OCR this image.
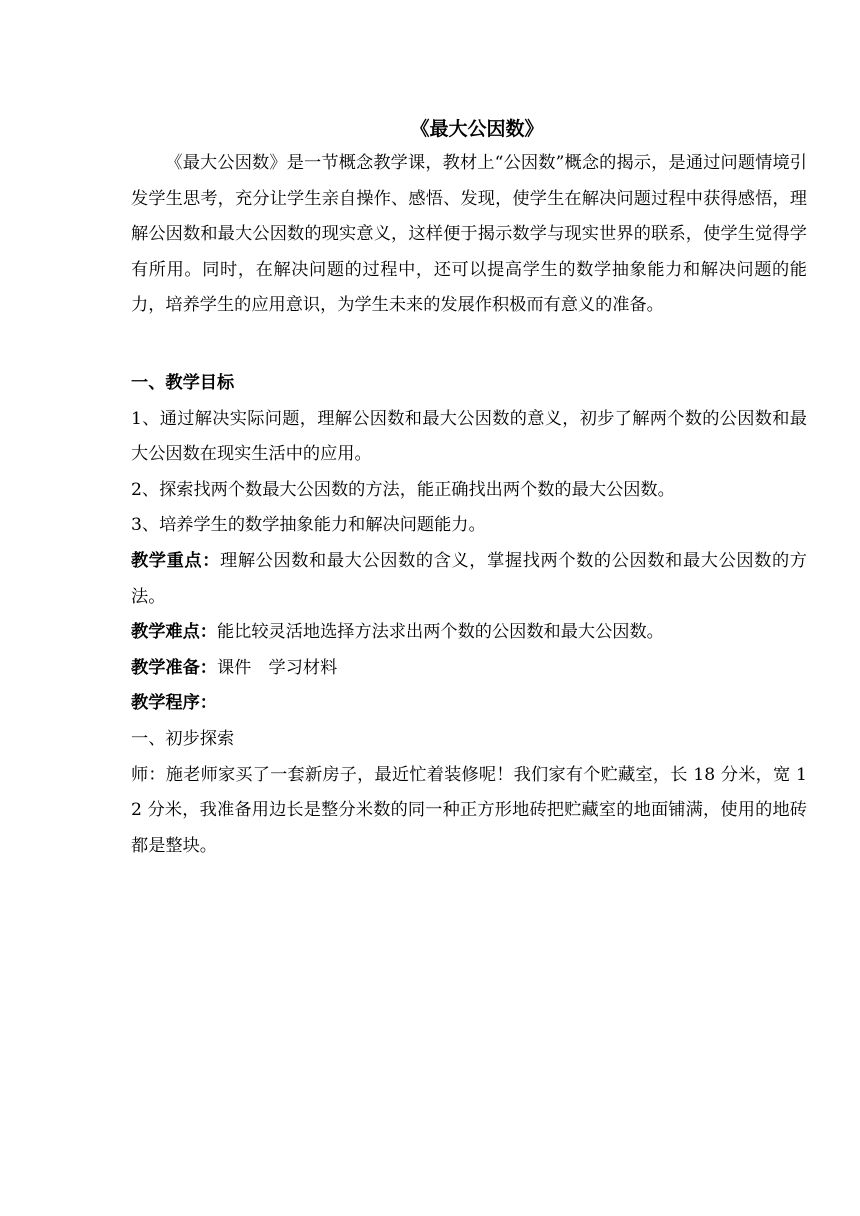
《最大公因数》

《最大公因数》是一节概念教学课，教材上“公因数”概念的揭示，是通过问题情境引发学生思考，充分让学生亲自操作、感悟、发现，使学生在解决问题过程中获得感悟，理解公因数和最大公因数的现实意义，这样便于揭示数学与现实世界的联系，使学生觉得学有所用。同时，在解决问题的过程中，还可以提高学生的数学抽象能力和解决问题的能力，培养学生的应用意识，为学生未来的发展作积极而有意义的准备。

一、教学目标

1、通过解决实际问题，理解公因数和最大公因数的意义，初步了解两个数的公因数和最大公因数在现实生活中的应用。

2、探索找两个数最大公因数的方法，能正确找出两个数的最大公因数。

3、培养学生的数学抽象能力和解决问题能力。

教学重点：理解公因数和最大公因数的含义，掌握找两个数的公因数和最大公因数的方法。

教学难点：能比较灵活地选择方法求出两个数的公因数和最大公因数。

教学准备：课件　学习材料

教学程序：

一、初步探索

师：施老师家买了一套新房子，最近忙着装修呢！我们家有个贮藏室，长 18 分米，宽 12 分米，我准备用边长是整分米数的同一种正方形地砖把贮藏室的地面铺满，使用的地砖都是整块。
